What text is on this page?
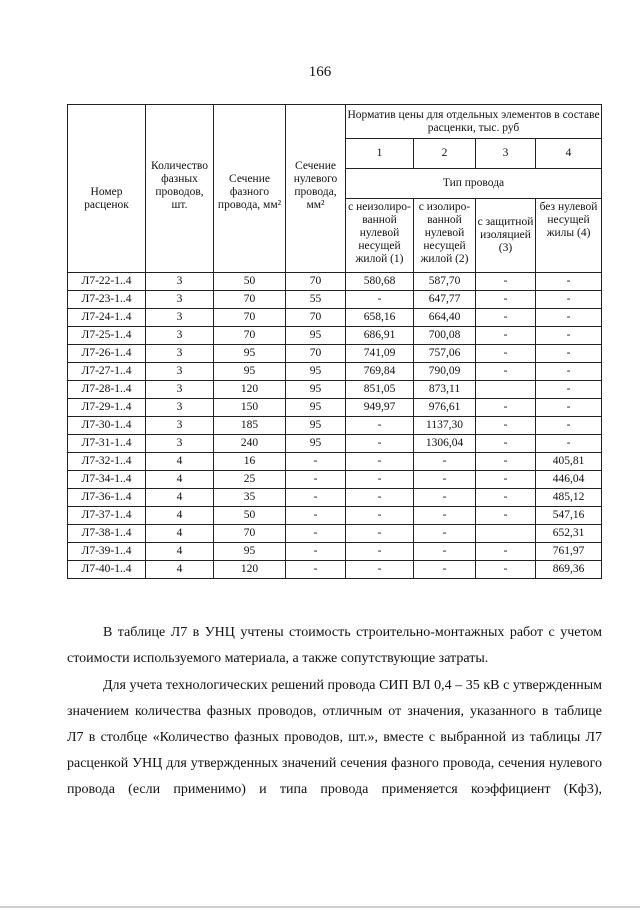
166
Номер расценок	Количество фазных проводов, шт.	Сечение фазного провода, мм²	Сечение нулевого провода, мм²	Норматив цены для отдельных элементов в составе расценки, тыс. руб			
				1	2	3	4
				Тип провода			
				с неизолиро-ванной нулевой несущей жилой (1)	с изолиро-ванной нулевой несущей жилой (2)	с защитной изоляцией (3)	без нулевой несущей жилы (4)
Л7-22-1..4	3	50	70	580,68	587,70	-	-
Л7-23-1..4	3	70	55	-	647,77	-	-
Л7-24-1..4	3	70	70	658,16	664,40	-	-
Л7-25-1..4	3	70	95	686,91	700,08	-	-
Л7-26-1..4	3	95	70	741,09	757,06	-	-
Л7-27-1..4	3	95	95	769,84	790,09	-	-
Л7-28-1..4	3	120	95	851,05	873,11		-
Л7-29-1..4	3	150	95	949,97	976,61	-	-
Л7-30-1..4	3	185	95	-	1137,30	-	-
Л7-31-1..4	3	240	95	-	1306,04	-	-
Л7-32-1..4	4	16	-	-	-	-	405,81
Л7-34-1..4	4	25	-	-	-	-	446,04
Л7-36-1..4	4	35	-	-	-	-	485,12
Л7-37-1..4	4	50	-	-	-	-	547,16
Л7-38-1..4	4	70	-	-	-		652,31
Л7-39-1..4	4	95	-	-	-	-	761,97
Л7-40-1..4	4	120	-	-	-	-	869,36
В таблице Л7 в УНЦ учтены стоимость строительно-монтажных работ с учетом
стоимости используемого материала, а также сопутствующие затраты.
Для учета технологических решений провода СИП ВЛ 0,4 – 35 кВ с утвержденным
значением количества фазных проводов, отличным от значения, указанного в таблице
Л7 в столбце «Количество фазных проводов, шт.», вместе с выбранной из таблицы Л7
расценкой УНЦ для утвержденных значений сечения фазного провода, сечения нулевого
провода (если применимо) и типа провода применяется коэффициент (Кф3),
